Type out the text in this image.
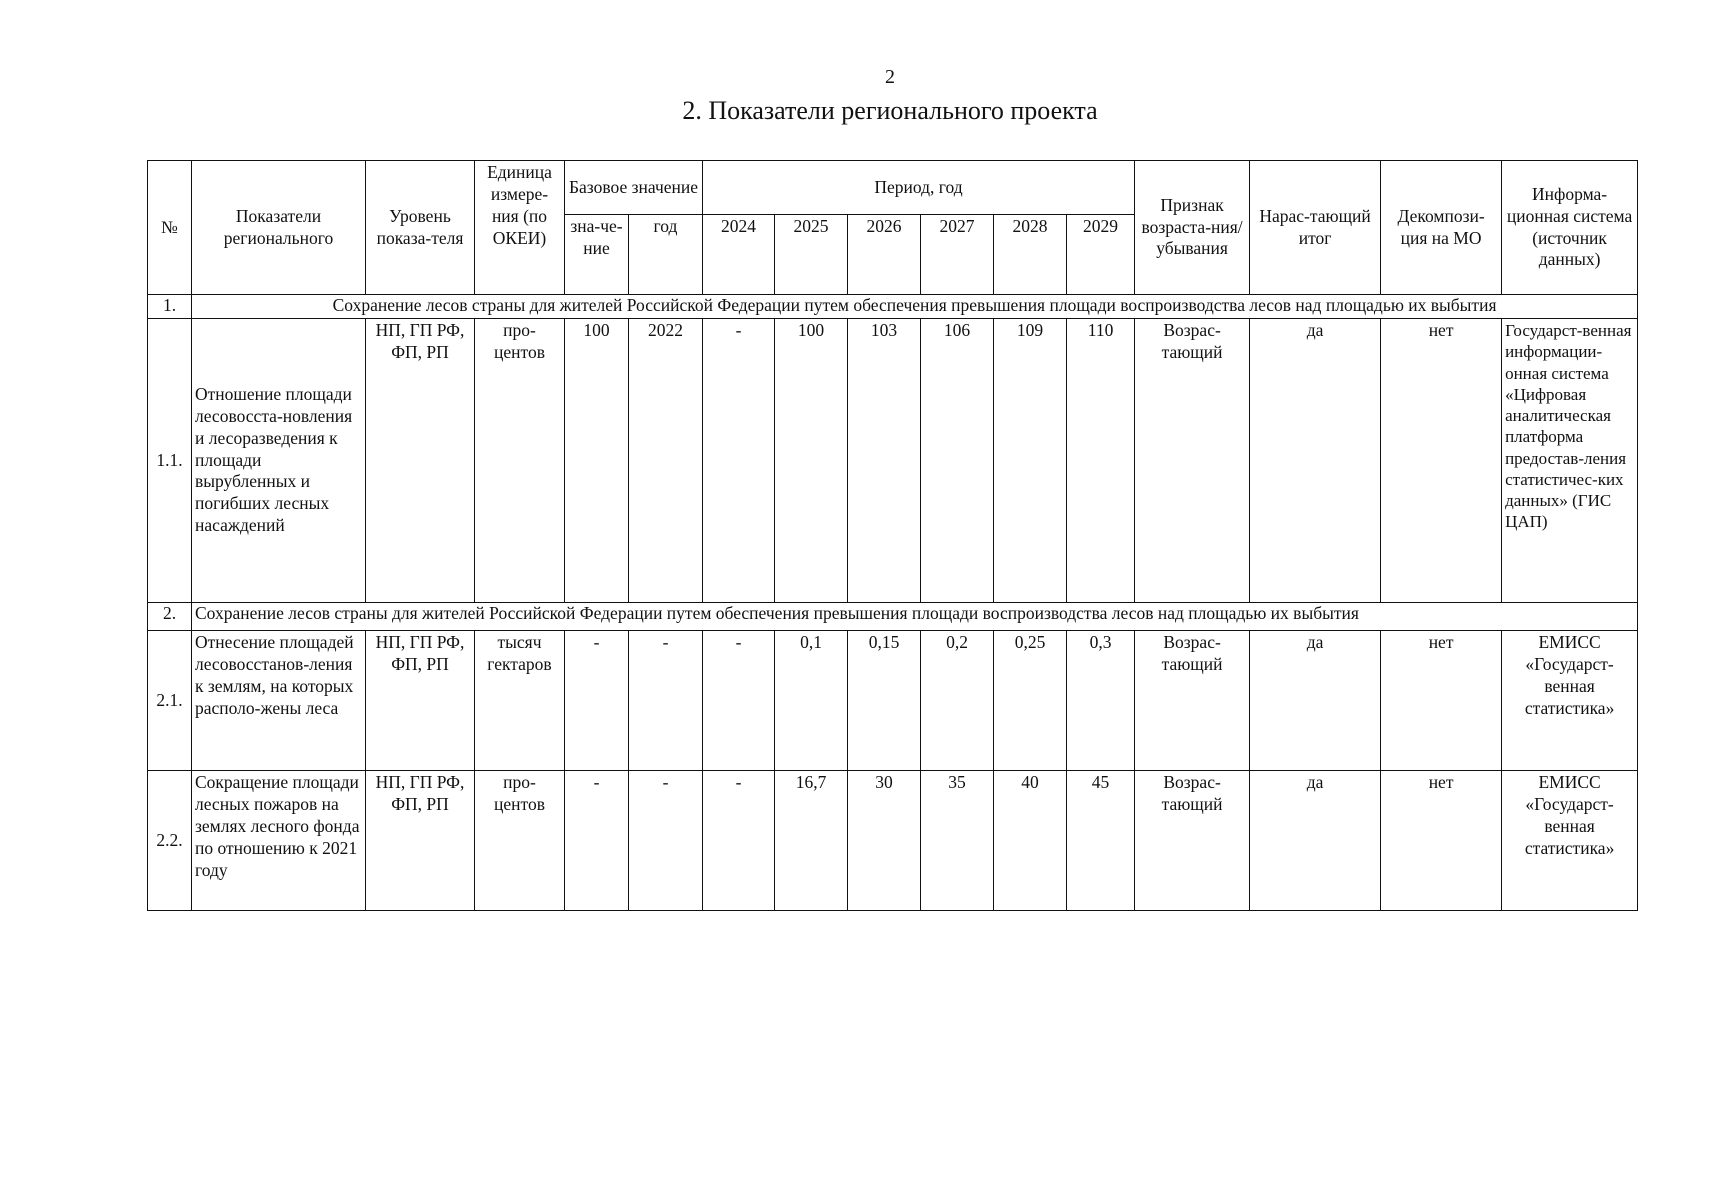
2
2. Показатели регионального проекта
№	Показатели регионального	Уровень показа-теля	Единица измере-ния (по ОКЕИ)	Базовое значение		Период, год						Признак возраста-ния/ убывания	Нарас-тающий итог	Декомпози-ция на МО	Информа-ционная система (источник данных)
				зна-че-ние	год	2024	2025	2026	2027	2028	2029				
1.	Сохранение лесов страны для жителей Российской Федерации путем обеспечения превышения площади воспроизводства лесов над площадью их выбытия														
1.1.	Отношение площади лесовосста-новления и лесоразведения к площади вырубленных и погибших лесных насаждений	НП, ГП РФ, ФП, РП	про-центов	100	2022	-	100	103	106	109	110	Возрас-тающий	да	нет	Государст-венная информации-онная система «Цифровая аналитическая платформа предостав-ления статистичес-ких данных» (ГИС ЦАП)
2.	Сохранение лесов страны для жителей Российской Федерации путем обеспечения превышения площади воспроизводства лесов над площадью их выбытия														
2.1.	Отнесение площадей лесовосстанов-ления к землям, на которых располо-жены леса	НП, ГП РФ, ФП, РП	тысяч гектаров	-	-	-	0,1	0,15	0,2	0,25	0,3	Возрас-тающий	да	нет	ЕМИСС «Государст-венная статистика»
2.2.	Сокращение площади лесных пожаров на землях лесного фонда по отношению к 2021 году	НП, ГП РФ, ФП, РП	про-центов	-	-	-	16,7	30	35	40	45	Возрас-тающий	да	нет	ЕМИСС «Государст-венная статистика»
